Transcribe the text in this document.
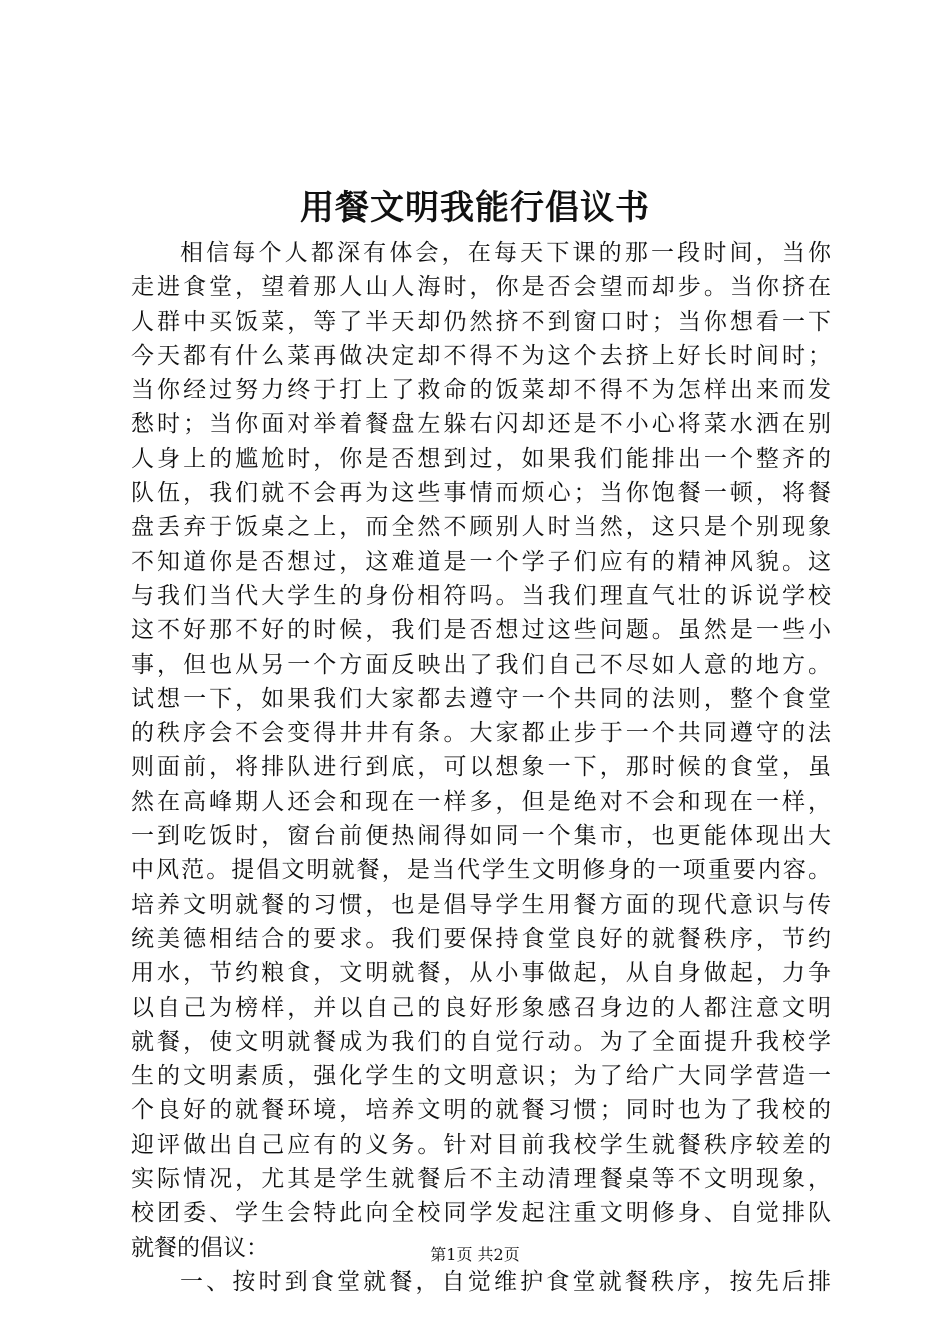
用餐文明我能行倡议书
相信每个人都深有体会，在每天下课的那一段时间，当你
走进食堂，望着那人山人海时，你是否会望而却步。当你挤在
人群中买饭菜，等了半天却仍然挤不到窗口时；当你想看一下
今天都有什么菜再做决定却不得不为这个去挤上好长时间时；
当你经过努力终于打上了救命的饭菜却不得不为怎样出来而发
愁时；当你面对举着餐盘左躲右闪却还是不小心将菜水洒在别
人身上的尴尬时，你是否想到过，如果我们能排出一个整齐的
队伍，我们就不会再为这些事情而烦心；当你饱餐一顿，将餐
盘丢弃于饭桌之上，而全然不顾别人时当然，这只是个别现象
不知道你是否想过，这难道是一个学子们应有的精神风貌。这
与我们当代大学生的身份相符吗。当我们理直气壮的诉说学校
这不好那不好的时候，我们是否想过这些问题。虽然是一些小
事，但也从另一个方面反映出了我们自己不尽如人意的地方。
试想一下，如果我们大家都去遵守一个共同的法则，整个食堂
的秩序会不会变得井井有条。大家都止步于一个共同遵守的法
则面前，将排队进行到底，可以想象一下，那时候的食堂，虽
然在高峰期人还会和现在一样多，但是绝对不会和现在一样，
一到吃饭时，窗台前便热闹得如同一个集市，也更能体现出大
中风范。提倡文明就餐，是当代学生文明修身的一项重要内容。
培养文明就餐的习惯，也是倡导学生用餐方面的现代意识与传
统美德相结合的要求。我们要保持食堂良好的就餐秩序，节约
用水，节约粮食，文明就餐，从小事做起，从自身做起，力争
以自己为榜样，并以自己的良好形象感召身边的人都注意文明
就餐，使文明就餐成为我们的自觉行动。为了全面提升我校学
生的文明素质，强化学生的文明意识；为了给广大同学营造一
个良好的就餐环境，培养文明的就餐习惯；同时也为了我校的
迎评做出自己应有的义务。针对目前我校学生就餐秩序较差的
实际情况，尤其是学生就餐后不主动清理餐桌等不文明现象，
校团委、学生会特此向全校同学发起注重文明修身、自觉排队
就餐的倡议：
一、按时到食堂就餐，自觉维护食堂就餐秩序，按先后排
第1页 共2页
